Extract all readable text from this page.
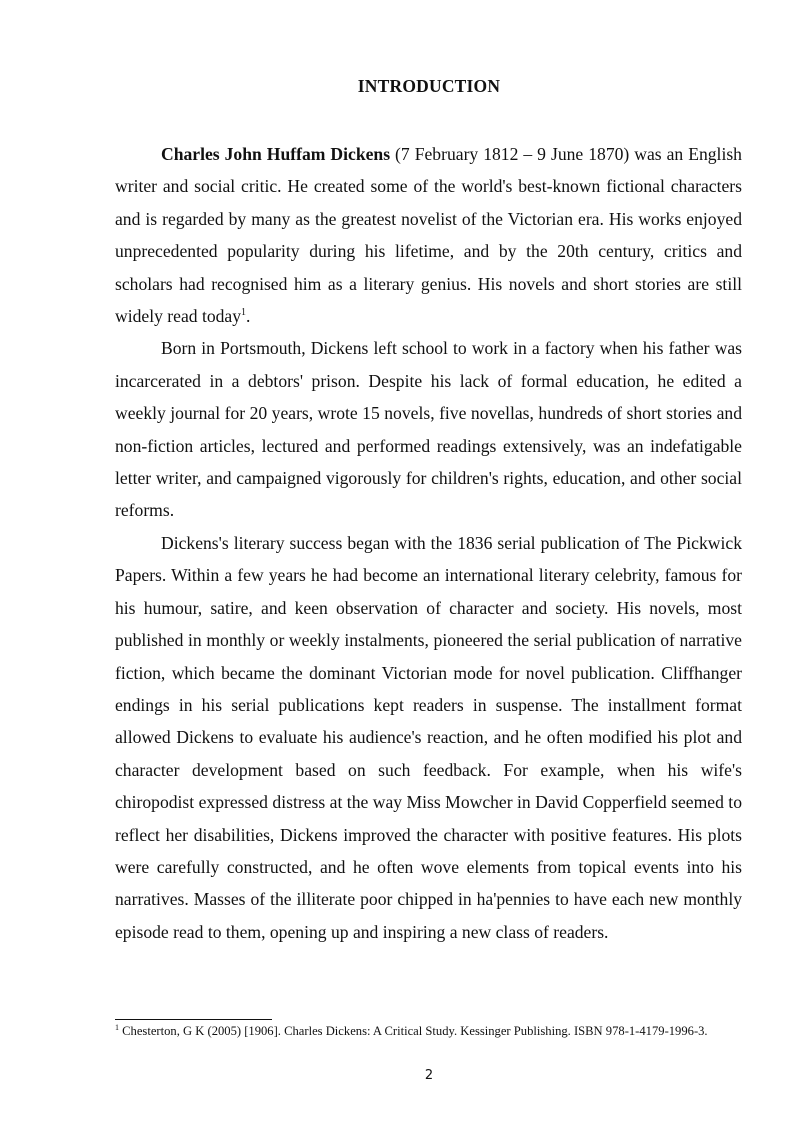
INTRODUCTION

Charles John Huffam Dickens (7 February 1812 – 9 June 1870) was an English writer and social critic. He created some of the world's best-known fictional characters and is regarded by many as the greatest novelist of the Victorian era. His works enjoyed unprecedented popularity during his lifetime, and by the 20th century, critics and scholars had recognised him as a literary genius. His novels and short stories are still widely read today$^1$.

Born in Portsmouth, Dickens left school to work in a factory when his father was incarcerated in a debtors' prison. Despite his lack of formal education, he edited a weekly journal for 20 years, wrote 15 novels, five novellas, hundreds of short stories and non-fiction articles, lectured and performed readings extensively, was an indefatigable letter writer, and campaigned vigorously for children's rights, education, and other social reforms.

Dickens's literary success began with the 1836 serial publication of The Pickwick Papers. Within a few years he had become an international literary celebrity, famous for his humour, satire, and keen observation of character and society. His novels, most published in monthly or weekly instalments, pioneered the serial publication of narrative fiction, which became the dominant Victorian mode for novel publication. Cliffhanger endings in his serial publications kept readers in suspense. The installment format allowed Dickens to evaluate his audience's reaction, and he often modified his plot and character development based on such feedback. For example, when his wife's chiropodist expressed distress at the way Miss Mowcher in David Copperfield seemed to reflect her disabilities, Dickens improved the character with positive features. His plots were carefully constructed, and he often wove elements from topical events into his narratives. Masses of the illiterate poor chipped in ha'pennies to have each new monthly episode read to them, opening up and inspiring a new class of readers.

$^1$ Chesterton, G K (2005) [1906]. Charles Dickens: A Critical Study. Kessinger Publishing. ISBN 978-1-4179-1996-3.
2
